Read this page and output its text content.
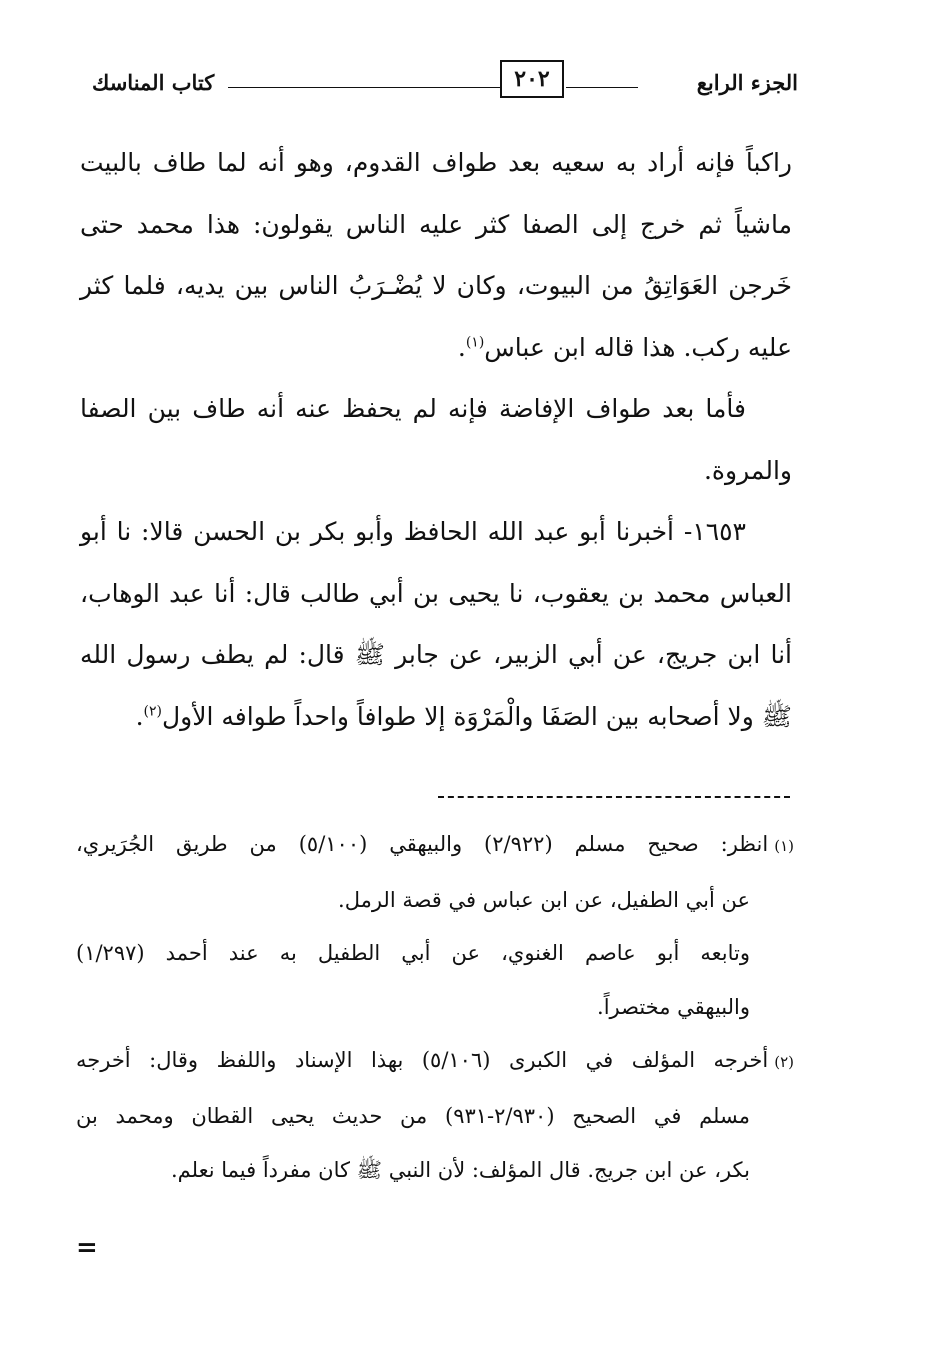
الجزء الرابع
٢٠٢
كتاب المناسك

راكباً فإنه أراد به سعيه بعد طواف القدوم، وهو أنه لما طاف بالبيت ماشياً ثم خرج إلى الصفا كثر عليه الناس يقولون: هذا محمد حتى خَرجن العَوَاتِقُ من البيوت، وكان لا يُضْـرَبُ الناس بين يديه، فلما كثر عليه ركب. هذا قاله ابن عباس$^{(١)}$.

فأما بعد طواف الإفاضة فإنه لم يحفظ عنه أنه طاف بين الصفا والمروة.

١٦٥٣- أخبرنا أبو عبد الله الحافظ وأبو بكر بن الحسن قالا: نا أبو العباس محمد بن يعقوب، نا يحيى بن أبي طالب قال: أنا عبد الوهاب، أنا ابن جريج، عن أبي الزبير، عن جابر ﷺ قال: لم يطف رسول الله ﷺ ولا أصحابه بين الصَفَا والْمَرْوَة إلا طوافاً واحداً طوافه الأول$^{(٢)}$.

(١)انظر: صحيح مسلم (٢/٩٢٢) والبيهقي (٥/١٠٠) من طريق الجُرَيري،
عن أبي الطفيل، عن ابن عباس في قصة الرمل.
وتابعه أبو عاصم الغنوي، عن أبي الطفيل به عند أحمد (١/٢٩٧)
والبيهقي مختصراً.
(٢)أخرجه المؤلف في الكبرى (٥/١٠٦) بهذا الإسناد واللفظ وقال: أخرجه
مسلم في الصحيح (٢/٩٣٠-٩٣١) من حديث يحيى القطان ومحمد بن
بكر، عن ابن جريج. قال المؤلف: لأن النبي ﷺ كان مفرداً فيما نعلم.
=
